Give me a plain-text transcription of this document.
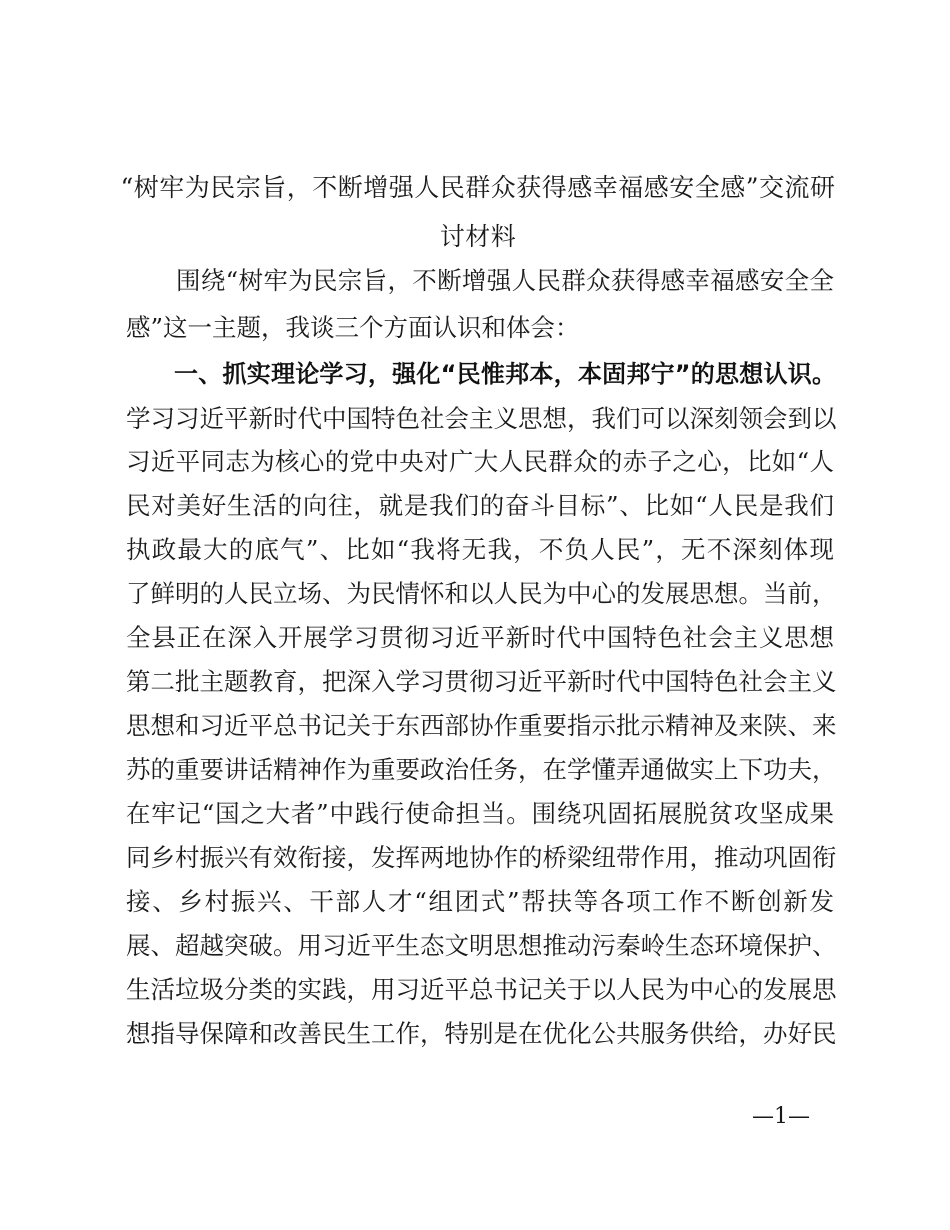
“树牢为民宗旨，不断增强人民群众获得感幸福感安全感”交流研
讨材料
围绕“树牢为民宗旨，不断增强人民群众获得感幸福感安全全
感”这一主题，我谈三个方面认识和体会：
一、抓实理论学习，强化“民惟邦本，本固邦宁”的思想认识。
学习习近平新时代中国特色社会主义思想，我们可以深刻领会到以
习近平同志为核心的党中央对广大人民群众的赤子之心，比如“人
民对美好生活的向往，就是我们的奋斗目标”、比如“人民是我们
执政最大的底气”、比如“我将无我，不负人民”，无不深刻体现
了鲜明的人民立场、为民情怀和以人民为中心的发展思想。当前，
全县正在深入开展学习贯彻习近平新时代中国特色社会主义思想
第二批主题教育，把深入学习贯彻习近平新时代中国特色社会主义
思想和习近平总书记关于东西部协作重要指示批示精神及来陕、来
苏的重要讲话精神作为重要政治任务，在学懂弄通做实上下功夫，
在牢记“国之大者”中践行使命担当。围绕巩固拓展脱贫攻坚成果
同乡村振兴有效衔接，发挥两地协作的桥梁纽带作用，推动巩固衔
接、乡村振兴、干部人才“组团式”帮扶等各项工作不断创新发
展、超越突破。用习近平生态文明思想推动污秦岭生态环境保护、
生活垃圾分类的实践，用习近平总书记关于以人民为中心的发展思
想指导保障和改善民生工作，特别是在优化公共服务供给，办好民
—1—
